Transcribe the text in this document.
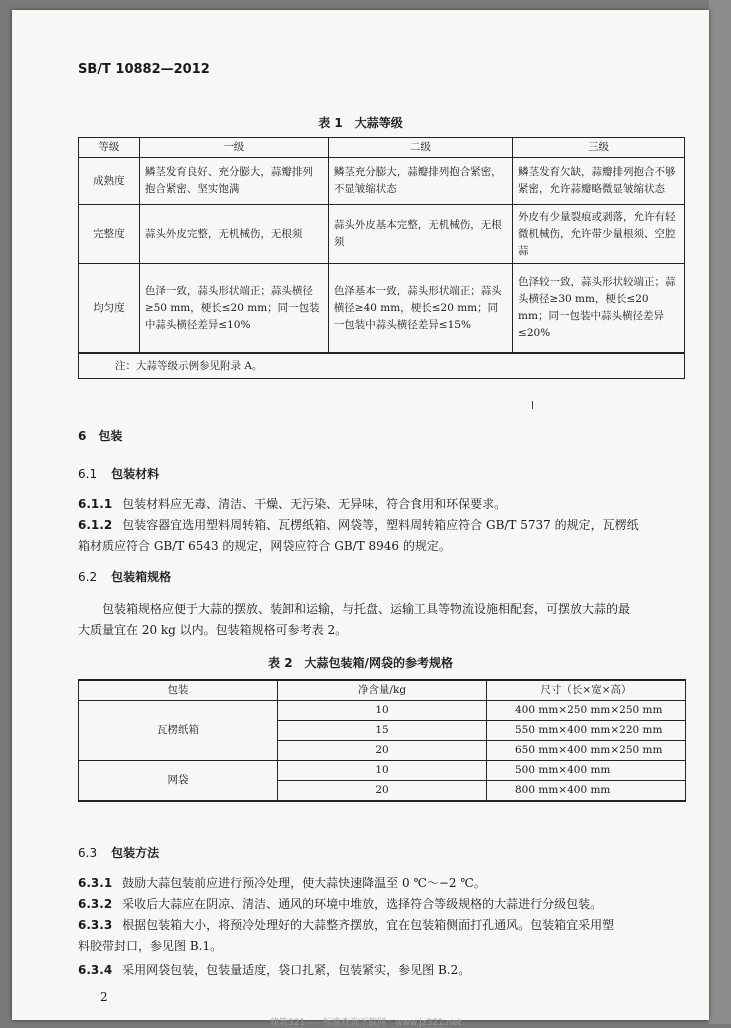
SB/T 10882—2012
表 1　大蒜等级
等级	一级	二级	三级
成熟度	鳞茎发育良好、充分膨大，蒜瓣排列抱合紧密、坚实饱满	鳞茎充分膨大，蒜瓣排列抱合紧密，不显皱缩状态	鳞茎发育欠缺，蒜瓣排列抱合不够紧密，允许蒜瓣略微显皱缩状态
完整度	蒜头外皮完整，无机械伤，无根须	蒜头外皮基本完整，无机械伤，无根须	外皮有少量裂痕或剥落，允许有轻微机械伤，允许带少量根须、空腔蒜
均匀度	色泽一致，蒜头形状端正；蒜头横径≥50 mm，梗长≤20 mm；同一包装中蒜头横径差异≤10%	色泽基本一致，蒜头形状端正；蒜头横径≥40 mm，梗长≤20 mm；同一包装中蒜头横径差异≤15%	色泽较一致，蒜头形状较端正；蒜头横径≥30 mm，梗长≤20 mm；同一包装中蒜头横径差异≤20%
注：大蒜等级示例参见附录 A。			
6　包装
6.1 包装材料
6.1.1 包装材料应无毒、清洁、干燥、无污染、无异味，符合食用和环保要求。
6.1.2 包装容器宜选用塑料周转箱、瓦楞纸箱、网袋等，塑料周转箱应符合 GB/T 5737 的规定，瓦楞纸
箱材质应符合 GB/T 6543 的规定，网袋应符合 GB/T 8946 的规定。
6.2 包装箱规格
包装箱规格应便于大蒜的摆放、装卸和运输，与托盘、运输工具等物流设施相配套，可摆放大蒜的最
大质量宜在 20 kg 以内。包装箱规格可参考表 2。
表 2　大蒜包装箱/网袋的参考规格
包装	净含量/kg	尺寸（长×宽×高）
瓦楞纸箱	10	400 mm×250 mm×250 mm
	15	550 mm×400 mm×220 mm
	20	650 mm×400 mm×250 mm
网袋	10	500 mm×400 mm
	20	800 mm×400 mm
6.3 包装方法
6.3.1 鼓励大蒜包装前应进行预冷处理，使大蒜快速降温至 0 ℃～−2 ℃。
6.3.2 采收后大蒜应在阴凉、清洁、通风的环境中堆放，选择符合等级规格的大蒜进行分级包装。
6.3.3 根据包装箱大小，将预冷处理好的大蒜整齐摆放，宜在包装箱侧面打孔通风。包装箱宜采用塑
料胶带封口，参见图 B.1。
6.3.4 采用网袋包装，包装量适度，袋口扎紧，包装紧实，参见图 B.2。
2
建筑321——标准查询下载网　www.jz321.net
